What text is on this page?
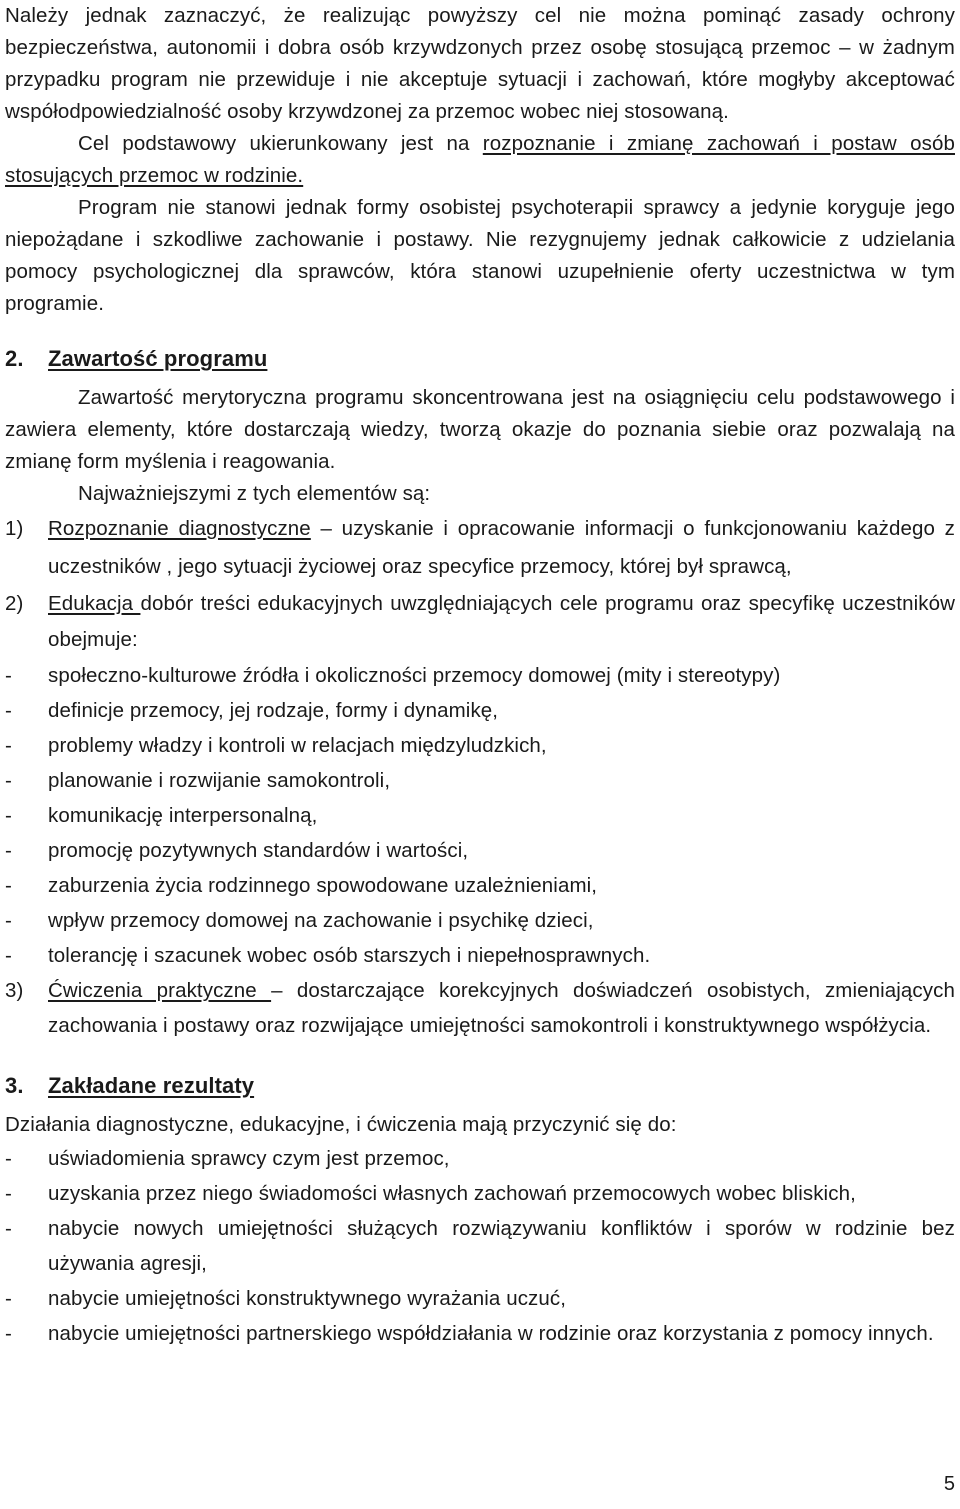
Należy jednak zaznaczyć, że realizując powyższy cel nie można pominąć zasady ochrony bezpieczeństwa, autonomii i dobra osób krzywdzonych przez osobę stosującą przemoc – w żadnym przypadku program nie przewiduje i nie akceptuje sytuacji i zachowań, które mogłyby akceptować współodpowiedzialność osoby krzywdzonej za przemoc wobec niej stosowaną.

Cel podstawowy ukierunkowany jest na rozpoznanie i zmianę zachowań i postaw osób stosujących przemoc w rodzinie.

Program nie stanowi jednak formy osobistej psychoterapii sprawcy a jedynie koryguje jego niepożądane i szkodliwe zachowanie i postawy. Nie rezygnujemy jednak całkowicie z udzielania pomocy psychologicznej dla sprawców, która stanowi uzupełnienie oferty uczestnictwa w tym programie.

2.	Zawartość programu

Zawartość merytoryczna programu skoncentrowana jest na osiągnięciu celu podstawowego i zawiera elementy, które dostarczają wiedzy, tworzą okazje do poznania siebie oraz pozwalają na zmianę form myślenia i reagowania.

Najważniejszymi z tych elementów są:

1)	Rozpoznanie diagnostyczne – uzyskanie i opracowanie informacji o funkcjonowaniu każdego z uczestników , jego sytuacji życiowej oraz specyfice przemocy, której był sprawcą,
2)	Edukacja dobór treści edukacyjnych uwzględniających cele programu oraz specyfikę uczestników obejmuje:
-	społeczno-kulturowe źródła i okoliczności przemocy domowej (mity i stereotypy)
-	definicje przemocy, jej rodzaje, formy i dynamikę,
-	problemy władzy i kontroli w relacjach międzyludzkich,
-	planowanie i rozwijanie samokontroli,
-	komunikację interpersonalną,
-	promocję pozytywnych standardów i wartości,
-	zaburzenia życia rodzinnego spowodowane uzależnieniami,
-	wpływ przemocy domowej na zachowanie i psychikę dzieci,
-	tolerancję i szacunek wobec osób starszych i niepełnosprawnych.
3)	Ćwiczenia praktyczne – dostarczające korekcyjnych doświadczeń osobistych, zmieniających zachowania i postawy oraz rozwijające umiejętności samokontroli i konstruktywnego współżycia.
3.	Zakładane rezultaty

Działania diagnostyczne, edukacyjne, i ćwiczenia mają przyczynić się do:

-	uświadomienia sprawcy czym jest przemoc,
-	uzyskania przez niego świadomości własnych zachowań przemocowych wobec bliskich,
-	nabycie nowych umiejętności służących rozwiązywaniu konfliktów i sporów w rodzinie bez używania agresji,
-	nabycie umiejętności konstruktywnego wyrażania uczuć,
-	nabycie umiejętności partnerskiego współdziałania w rodzinie oraz korzystania z pomocy innych.
5
